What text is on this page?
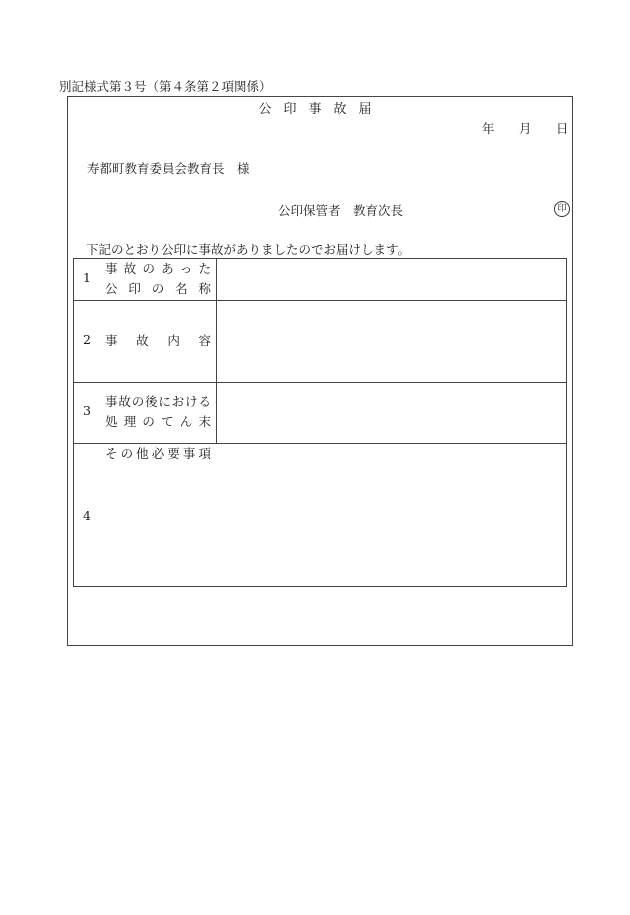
別記様式第３号（第４条第２項関係）
公印事故届
年 月 日
寿都町教育委員会教育長　様
公印保管者　教育次長	印
下記のとおり公印に事故がありましたのでお届けします。
1
事故のあった
公印の名称	

2 事故内容	

3
事故の後における
処理のてん末	

4
その他必要事項	
